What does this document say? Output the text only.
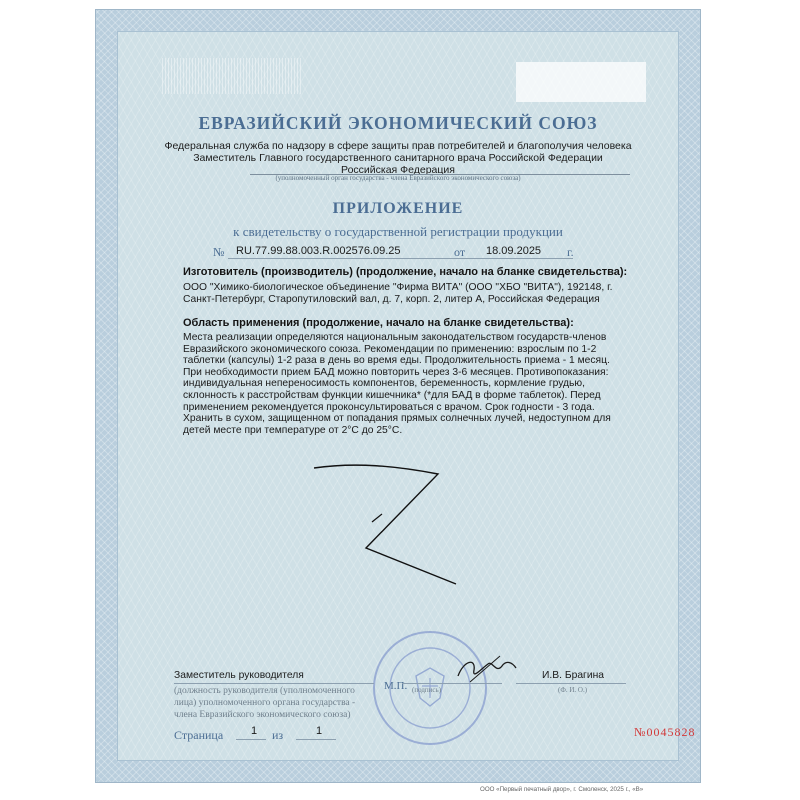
ЕВРАЗИЙСКИЙ ЭКОНОМИЧЕСКИЙ СОЮЗ
Федеральная служба по надзору в сфере защиты прав потребителей и благополучия человека
Заместитель Главного государственного санитарного врача Российской Федерации
Российская Федерация
(уполномоченный орган государства - члена Евразийского экономического союза)
ПРИЛОЖЕНИЕ
к свидетельству о государственной регистрации продукции
№ RU.77.99.88.003.R.002576.09.25	от 18.09.2025 г.
Изготовитель (производитель) (продолжение, начало на бланке свидетельства):
ООО "Химико-биологическое объединение "Фирма ВИТА" (ООО "ХБО "ВИТА"), 192148, г. Санкт-Петербург, Старопутиловский вал, д. 7, корп. 2, литер А, Российская Федерация
Область применения (продолжение, начало на бланке свидетельства):
Места реализации определяются национальным законодательством государств-членов Евразийского экономического союза. Рекомендации по применению: взрослым по 1-2 таблетки (капсулы) 1-2 раза в день во время еды. Продолжительность приема - 1 месяц. При необходимости прием БАД можно повторить через 3-6 месяцев. Противопоказания: индивидуальная непереносимость компонентов, беременность, кормление грудью, склонность к расстройствам функции кишечника* (*для БАД в форме таблеток). Перед применением рекомендуется проконсультироваться с врачом. Срок годности - 3 года. Хранить в сухом, защищенном от попадания прямых солнечных лучей, недоступном для детей месте при температуре от 2°С до 25°С.
Заместитель руководителя
М.П. (подпись)
И.В. Брагина
(Ф. И. О.)
(должность руководителя (уполномоченного
лица) уполномоченного органа государства -
члена Евразийского экономического союза)
Страница	1 из	1	№0045828
ООО «Первый печатный двор», г. Смоленск, 2025 г., «В»
